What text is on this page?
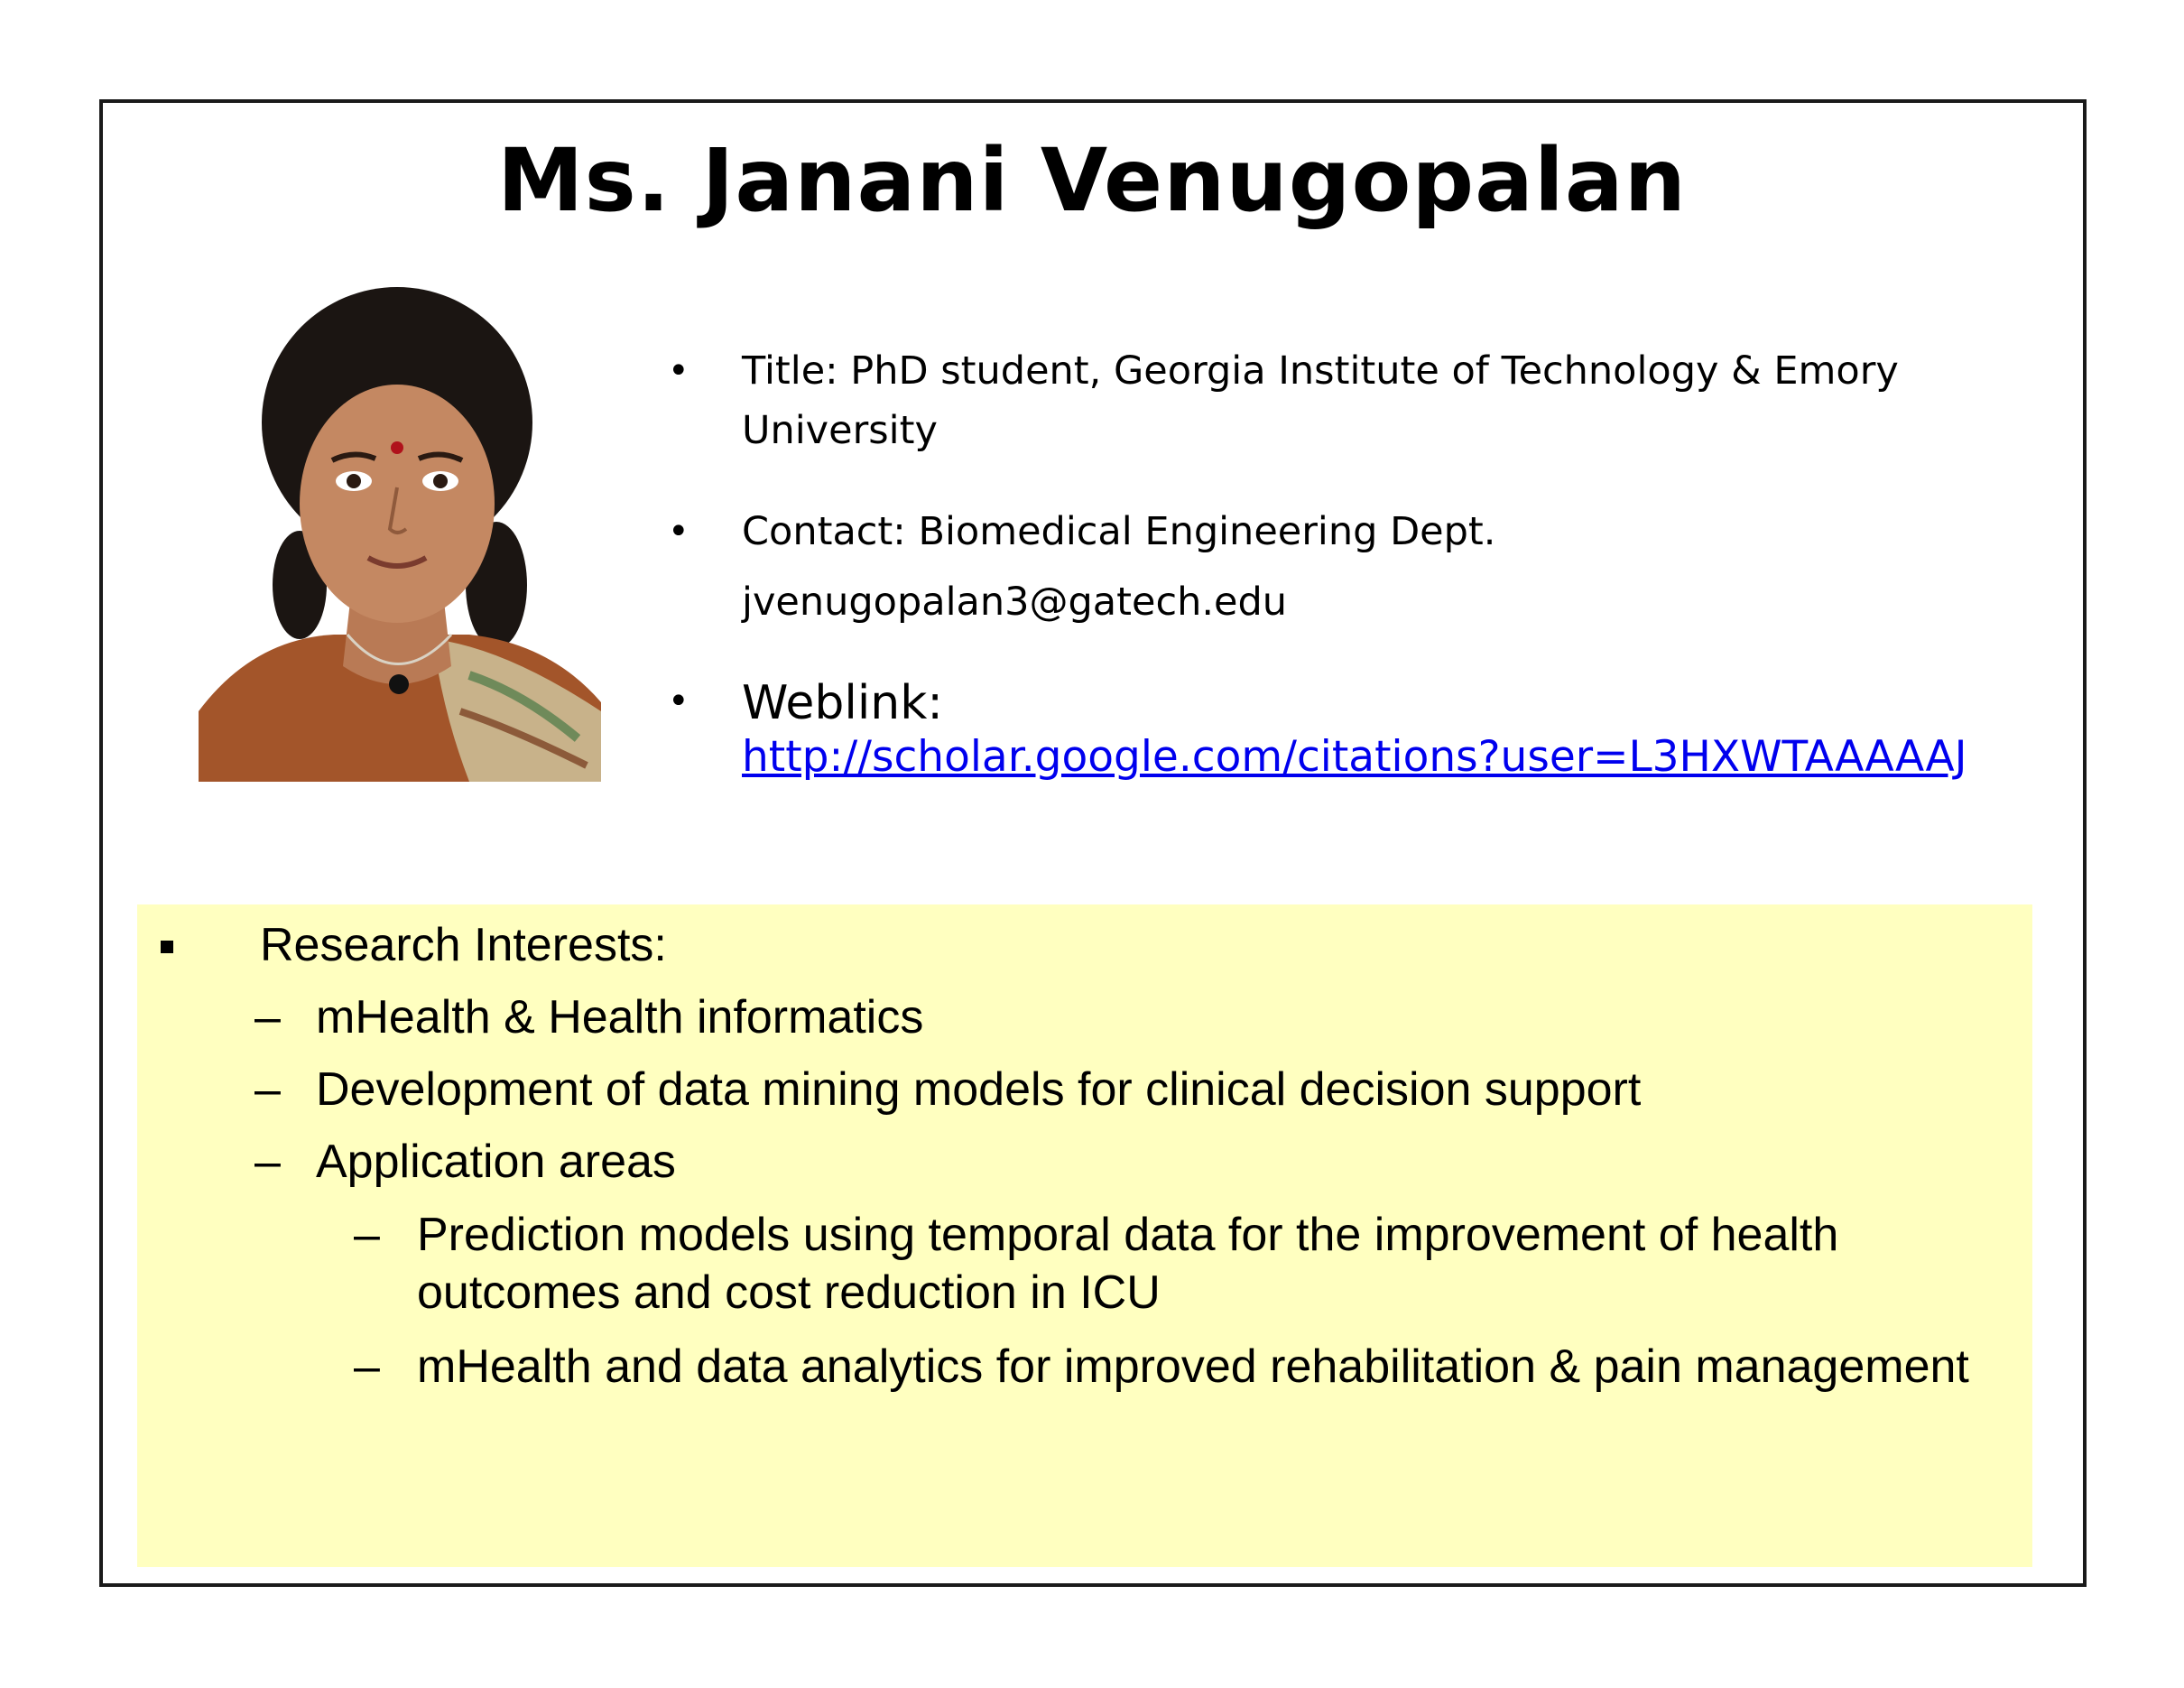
Ms. Janani Venugopalan
• Title: PhD student, Georgia Institute of Technology & Emory University
• Contact: Biomedical Engineering Dept.
jvenugopalan3@gatech.edu
• Weblink:
http://scholar.google.com/citations?user=L3HXWTAAAAAJ
Research Interests:
– mHealth & Health informatics
– Development of data mining models for clinical decision support
– Application areas
– Prediction models using temporal data for the improvement of health outcomes and cost reduction in ICU
– mHealth and data analytics for improved rehabilitation & pain management
